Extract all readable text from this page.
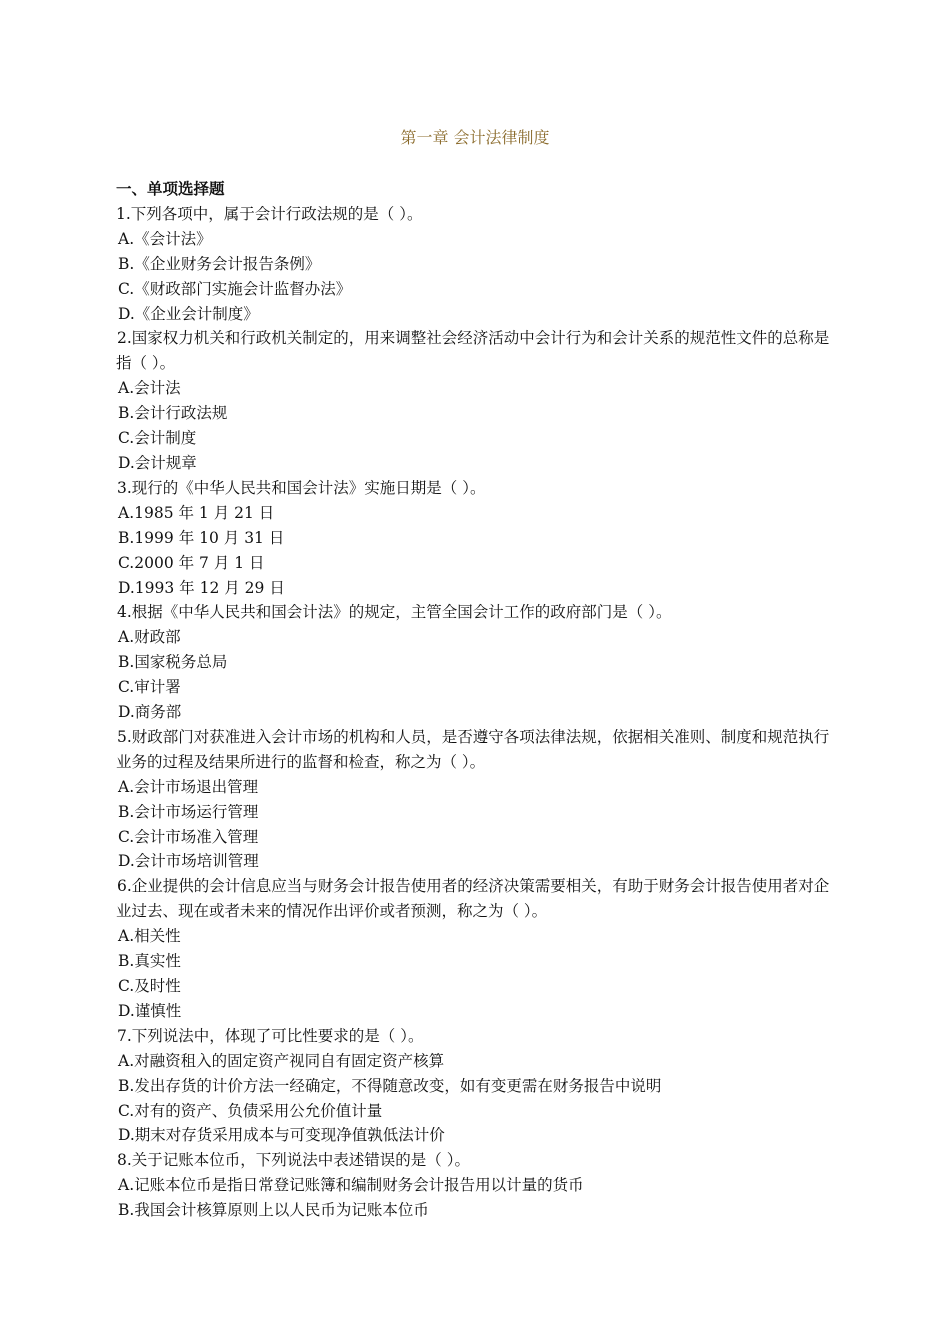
第一章 会计法律制度
一、单项选择题
1.下列各项中，属于会计行政法规的是（ ）。
A.《会计法》
B.《企业财务会计报告条例》
C.《财政部门实施会计监督办法》
D.《企业会计制度》
2.国家权力机关和行政机关制定的，用来调整社会经济活动中会计行为和会计关系的规范性文件的总称是指（ ）。
A.会计法
B.会计行政法规
C.会计制度
D.会计规章
3.现行的《中华人民共和国会计法》实施日期是（ ）。
A.1985 年 1 月 21 日
B.1999 年 10 月 31 日
C.2000 年 7 月 1 日
D.1993 年 12 月 29 日
4.根据《中华人民共和国会计法》的规定，主管全国会计工作的政府部门是（ ）。
A.财政部
B.国家税务总局
C.审计署
D.商务部
5.财政部门对获准进入会计市场的机构和人员，是否遵守各项法律法规，依据相关准则、制度和规范执行业务的过程及结果所进行的监督和检查，称之为（ ）。
A.会计市场退出管理
B.会计市场运行管理
C.会计市场准入管理
D.会计市场培训管理
6.企业提供的会计信息应当与财务会计报告使用者的经济决策需要相关，有助于财务会计报告使用者对企业过去、现在或者未来的情况作出评价或者预测，称之为（ ）。
A.相关性
B.真实性
C.及时性
D.谨慎性
7.下列说法中，体现了可比性要求的是（ ）。
A.对融资租入的固定资产视同自有固定资产核算
B.发出存货的计价方法一经确定，不得随意改变，如有变更需在财务报告中说明
C.对有的资产、负债采用公允价值计量
D.期末对存货采用成本与可变现净值孰低法计价
8.关于记账本位币，下列说法中表述错误的是（ ）。
A.记账本位币是指日常登记账簿和编制财务会计报告用以计量的货币
B.我国会计核算原则上以人民币为记账本位币
